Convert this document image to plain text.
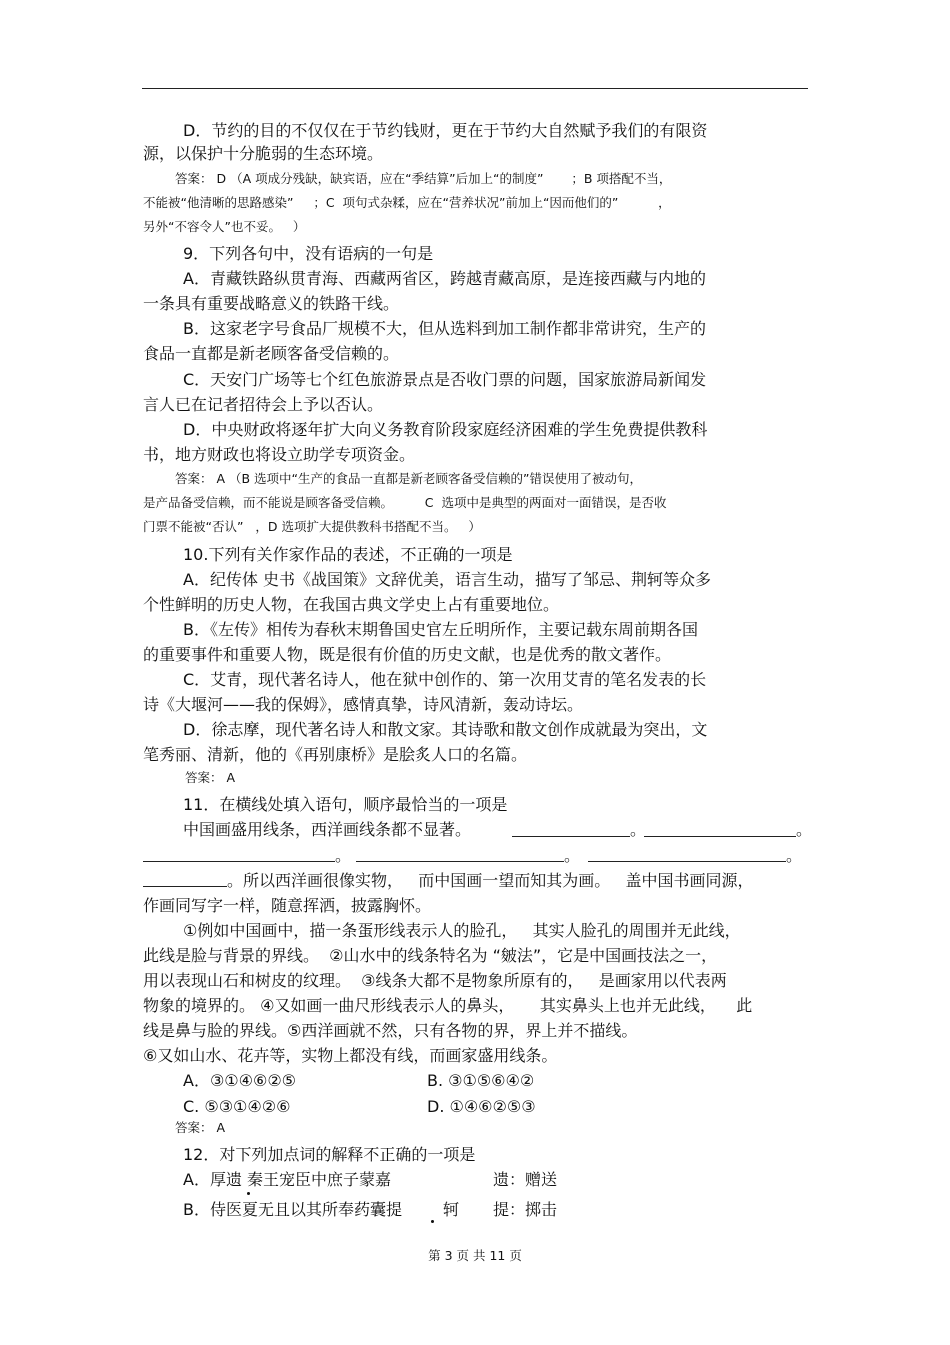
D．节约的目的不仅仅在于节约钱财，更在于节约大自然赋予我们的有限资
源，以保护十分脆弱的生态环境。
答案： D （A 项成分残缺，缺宾语，应在“季结算”后加上“的制度”       ；B 项搭配不当，
不能被“他清晰的思路感染”     ；C  项句式杂糅，应在“营养状况”前加上“因而他们的”          ，
另外“不容令人”也不妥。   ）
9．下列各句中，没有语病的一句是
A．青藏铁路纵贯青海、西藏两省区，跨越青藏高原，是连接西藏与内地的
一条具有重要战略意义的铁路干线。
B．这家老字号食品厂规模不大，但从选料到加工制作都非常讲究，生产的
食品一直都是新老顾客备受信赖的。
C．天安门广场等七个红色旅游景点是否收门票的问题，国家旅游局新闻发
言人已在记者招待会上予以否认。
D．中央财政将逐年扩大向义务教育阶段家庭经济困难的学生免费提供教科
书，地方财政也将设立助学专项资金。
答案： A （B 选项中“生产的食品一直都是新老顾客备受信赖的”错误使用了被动句，
是产品备受信赖，而不能说是顾客备受信赖。        C  选项中是典型的两面对一面错误，是否收
门票不能被“否认”   ，D 选项扩大提供教科书搭配不当。   ）
10.下列有关作家作品的表述，不正确的一项是
A．纪传体 史书《战国策》文辞优美，语言生动，描写了邹忌、荆轲等众多
个性鲜明的历史人物，在我国古典文学史上占有重要地位。
B．《左传》相传为春秋末期鲁国史官左丘明所作，主要记载东周前期各国
的重要事件和重要人物，既是很有价值的历史文献，也是优秀的散文著作。
C．艾青，现代著名诗人，他在狱中创作的、第一次用艾青的笔名发表的长
诗《大堰河——我的保姆》，感情真挚，诗风清新，轰动诗坛。
D．徐志摩，现代著名诗人和散文家。其诗歌和散文创作成就最为突出，文
笔秀丽、清新，他的《再别康桥》是脍炙人口的名篇。
答案： A
11．在横线处填入语句，顺序最恰当的一项是
中国画盛用线条，西洋画线条都不显著。	。	。
。	。	。
。所以西洋画很像实物，   而中国画一望而知其为画。   盖中国书画同源，
作画同写字一样，随意挥洒，披露胸怀。
①例如中国画中，描一条蛋形线表示人的脸孔，   其实人脸孔的周围并无此线，
此线是脸与背景的界线。  ②山水中的线条特名为 “皴法”，它是中国画技法之一，
用以表现山石和树皮的纹理。  ③线条大都不是物象所原有的，   是画家用以代表两
物象的境界的。 ④又如画一曲尺形线表示人的鼻头，     其实鼻头上也并无此线，    此
线是鼻与脸的界线。⑤西洋画就不然，只有各物的界，界上并不描线。
⑥又如山水、花卉等，实物上都没有线，而画家盛用线条。
A．③①④⑥②⑤	B. ③①⑤⑥④②
C. ⑤③①④②⑥	D. ①④⑥②⑤③
答案： A
12．对下列加点词的解释不正确的一项是
A．厚遗 秦王宠臣中庶子蒙嘉	遗：赠送
B．侍医夏无且以其所奉药囊提	轲 提：掷击
第 3 页 共 11 页
